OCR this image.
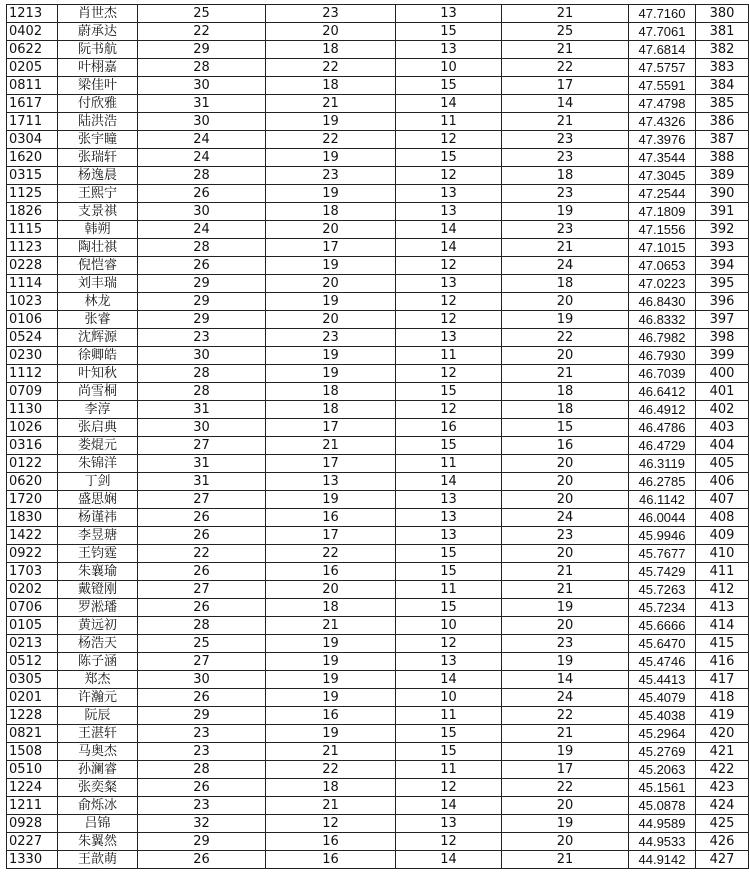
1213	肖世杰	25	23	13	21	47.7160	380
0402	蔚承达	22	20	15	25	47.7061	381
0622	阮书航	29	18	13	21	47.6814	382
0205	叶栩嘉	28	22	10	22	47.5757	383
0811	梁佳叶	30	18	15	17	47.5591	384
1617	付欣雅	31	21	14	14	47.4798	385
1711	陆洪浩	30	19	11	21	47.4326	386
0304	张宇瞳	24	22	12	23	47.3976	387
1620	张瑞轩	24	19	15	23	47.3544	388
0315	杨逸晨	28	23	12	18	47.3045	389
1125	王熙宁	26	19	13	23	47.2544	390
1826	支景祺	30	18	13	19	47.1809	391
1115	韩朔	24	20	14	23	47.1556	392
1123	陶壮祺	28	17	14	21	47.1015	393
0228	倪恺睿	26	19	12	24	47.0653	394
1114	刘丰瑞	29	20	13	18	47.0223	395
1023	林龙	29	19	12	20	46.8430	396
0106	张睿	29	20	12	19	46.8332	397
0524	沈辉源	23	23	13	22	46.7982	398
0230	徐卿皓	30	19	11	20	46.7930	399
1112	叶知秋	28	19	12	21	46.7039	400
0709	尚雪桐	28	18	15	18	46.6412	401
1130	李淳	31	18	12	18	46.4912	402
1026	张启典	30	17	16	15	46.4786	403
0316	娄焜元	27	21	15	16	46.4729	404
0122	朱锦洋	31	17	11	20	46.3119	405
0620	丁剑	31	13	14	20	46.2785	406
1720	盛思娴	27	19	13	20	46.1142	407
1830	杨谨祎	26	16	13	24	46.0044	408
1422	李昱瑭	26	17	13	23	45.9946	409
0922	王钧霆	22	22	15	20	45.7677	410
1703	朱襄瑜	26	16	15	21	45.7429	411
0202	戴镫刚	27	20	11	21	45.7263	412
0706	罗淞璠	26	18	15	19	45.7234	413
0105	黄远初	28	21	10	20	45.6666	414
0213	杨浩天	25	19	12	23	45.6470	415
0512	陈子涵	27	19	13	19	45.4746	416
0305	郑杰	30	19	14	14	45.4413	417
0201	许瀚元	26	19	10	24	45.4079	418
1228	阮辰	29	16	11	22	45.4038	419
0821	王湛轩	23	19	15	21	45.2964	420
1508	马奥杰	23	21	15	19	45.2769	421
0510	孙澜睿	28	22	11	17	45.2063	422
1224	张奕粲	26	18	12	22	45.1561	423
1211	俞烁冰	23	21	14	20	45.0878	424
0928	吕锦	32	12	13	19	44.9589	425
0227	朱翼然	29	16	12	20	44.9533	426
1330	王歆萌	26	16	14	21	44.9142	427
